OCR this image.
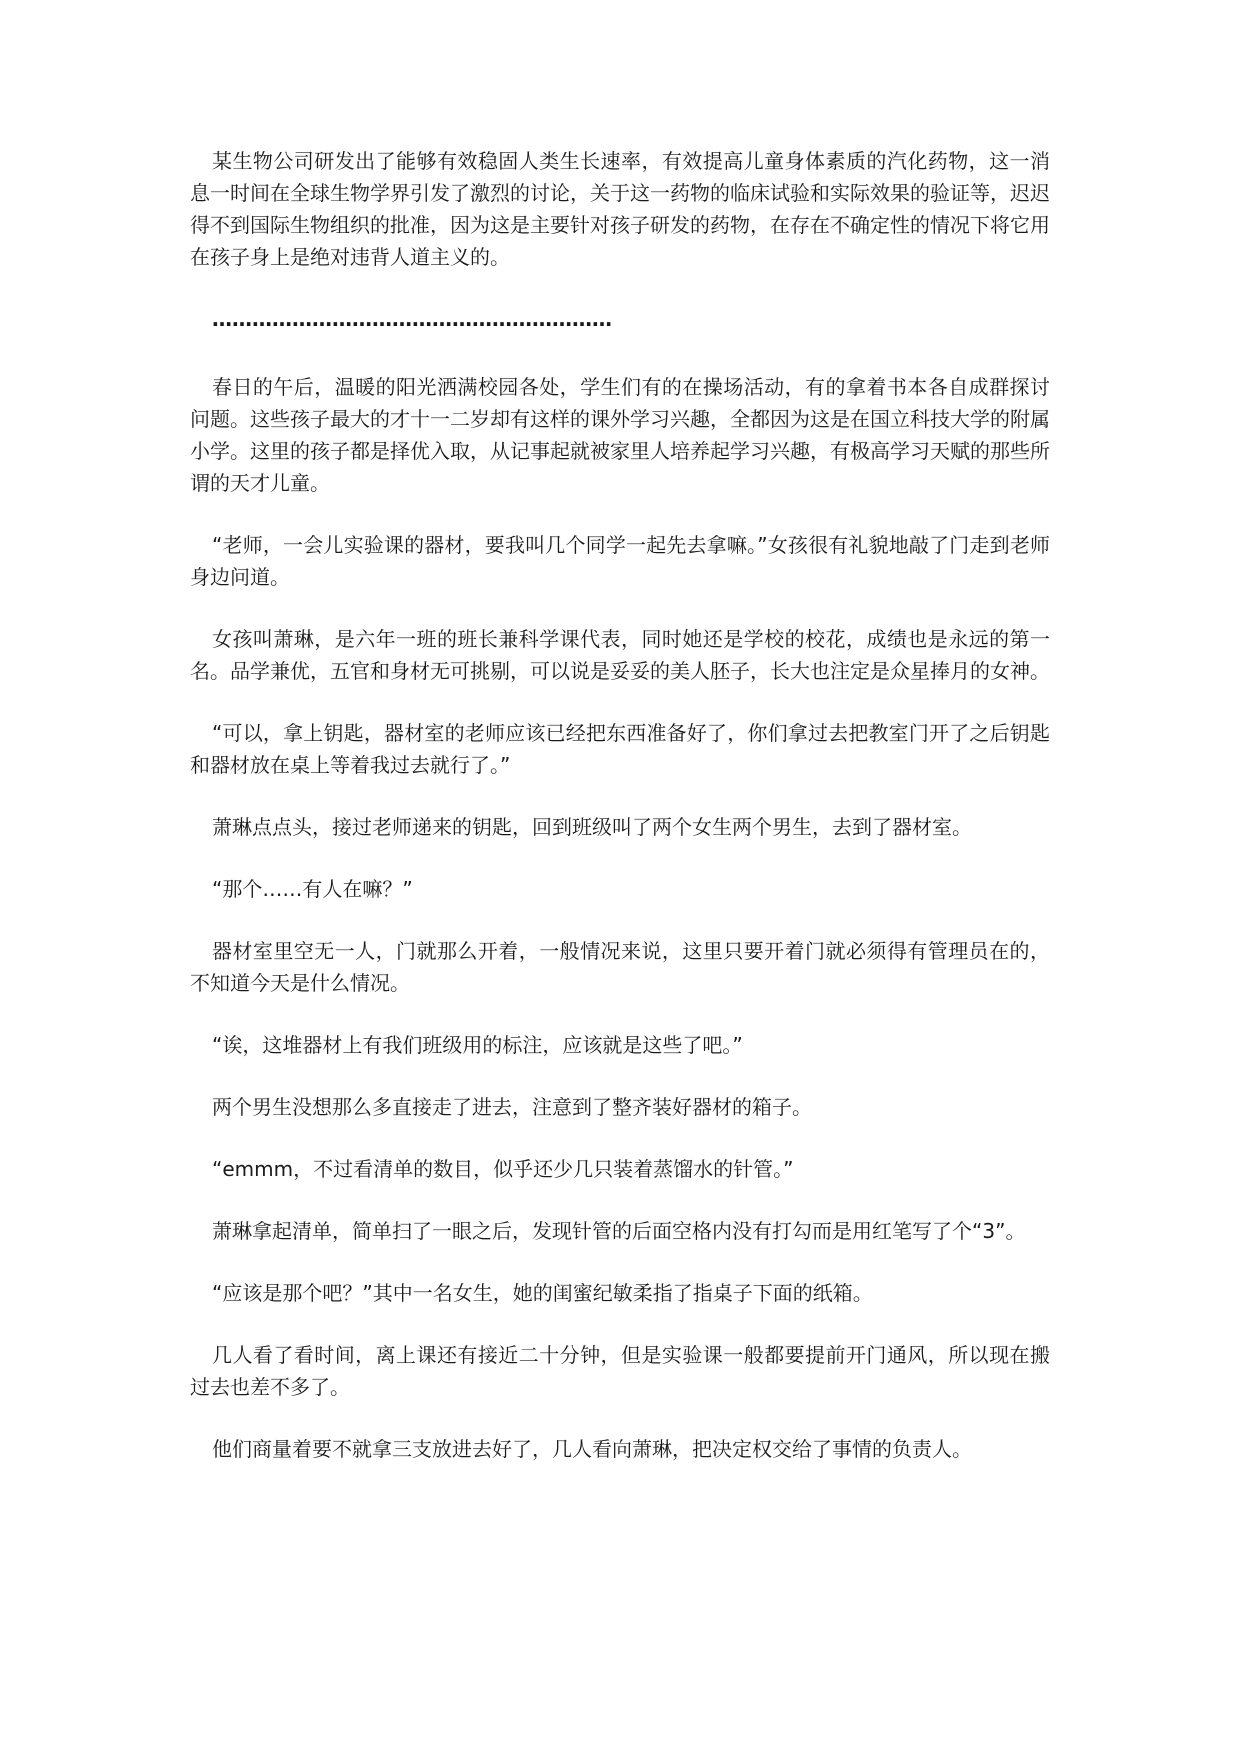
某生物公司研发出了能够有效稳固人类生长速率，有效提高儿童身体素质的汽化药物，这一消息一时间在全球生物学界引发了激烈的讨论，关于这一药物的临床试验和实际效果的验证等，迟迟得不到国际生物组织的批准，因为这是主要针对孩子研发的药物，在存在不确定性的情况下将它用在孩子身上是绝对违背人道主义的。

……………………………………………………

春日的午后，温暖的阳光洒满校园各处，学生们有的在操场活动，有的拿着书本各自成群探讨问题。这些孩子最大的才十一二岁却有这样的课外学习兴趣，全都因为这是在国立科技大学的附属小学。这里的孩子都是择优入取，从记事起就被家里人培养起学习兴趣，有极高学习天赋的那些所谓的天才儿童。

“老师，一会儿实验课的器材，要我叫几个同学一起先去拿嘛。”女孩很有礼貌地敲了门走到老师身边问道。

女孩叫萧琳，是六年一班的班长兼科学课代表，同时她还是学校的校花，成绩也是永远的第一名。品学兼优，五官和身材无可挑剔，可以说是妥妥的美人胚子，长大也注定是众星捧月的女神。

“可以，拿上钥匙，器材室的老师应该已经把东西准备好了，你们拿过去把教室门开了之后钥匙和器材放在桌上等着我过去就行了。”

萧琳点点头，接过老师递来的钥匙，回到班级叫了两个女生两个男生，去到了器材室。

“那个……有人在嘛？”

器材室里空无一人，门就那么开着，一般情况来说，这里只要开着门就必须得有管理员在的，不知道今天是什么情况。

“诶，这堆器材上有我们班级用的标注，应该就是这些了吧。”

两个男生没想那么多直接走了进去，注意到了整齐装好器材的箱子。

“emmm，不过看清单的数目，似乎还少几只装着蒸馏水的针管。”

萧琳拿起清单，简单扫了一眼之后，发现针管的后面空格内没有打勾而是用红笔写了个“3”。

“应该是那个吧？”其中一名女生，她的闺蜜纪敏柔指了指桌子下面的纸箱。

几人看了看时间，离上课还有接近二十分钟，但是实验课一般都要提前开门通风，所以现在搬过去也差不多了。

他们商量着要不就拿三支放进去好了，几人看向萧琳，把决定权交给了事情的负责人。
